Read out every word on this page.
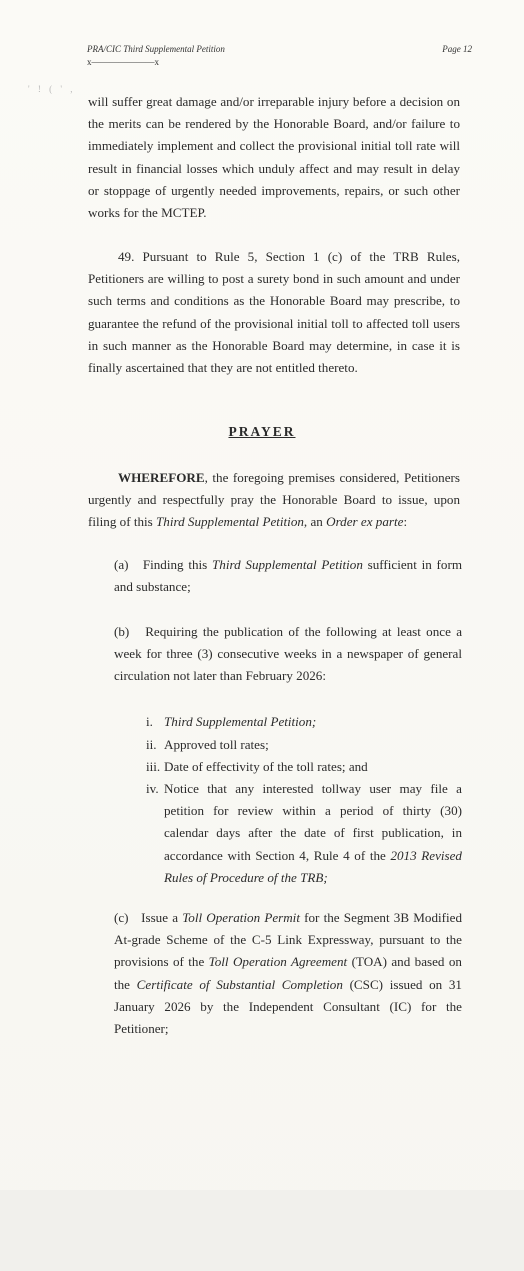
PRA/CIC Third Supplemental Petition
x———————x
Page 12
' ! ( ' ,
will suffer great damage and/or irreparable injury before a decision on the merits can be rendered by the Honorable Board, and/or failure to immediately implement and collect the provisional initial toll rate will result in financial losses which unduly affect and may result in delay or stoppage of urgently needed improvements, repairs, or such other works for the MCTEP.
49. Pursuant to Rule 5, Section 1 (c) of the TRB Rules, Petitioners are willing to post a surety bond in such amount and under such terms and conditions as the Honorable Board may prescribe, to guarantee the refund of the provisional initial toll to affected toll users in such manner as the Honorable Board may determine, in case it is finally ascertained that they are not entitled thereto.
PRAYER
WHEREFORE, the foregoing premises considered, Petitioners urgently and respectfully pray the Honorable Board to issue, upon filing of this Third Supplemental Petition, an Order ex parte:
(a) Finding this Third Supplemental Petition sufficient in form and substance;
(b) Requiring the publication of the following at least once a week for three (3) consecutive weeks in a newspaper of general circulation not later than February 2026:
i. Third Supplemental Petition;
ii. Approved toll rates;
iii. Date of effectivity of the toll rates; and
iv. Notice that any interested tollway user may file a petition for review within a period of thirty (30) calendar days after the date of first publication, in accordance with Section 4, Rule 4 of the 2013 Revised Rules of Procedure of the TRB;
(c) Issue a Toll Operation Permit for the Segment 3B Modified At-grade Scheme of the C-5 Link Expressway, pursuant to the provisions of the Toll Operation Agreement (TOA) and based on the Certificate of Substantial Completion (CSC) issued on 31 January 2026 by the Independent Consultant (IC) for the Petitioner;
